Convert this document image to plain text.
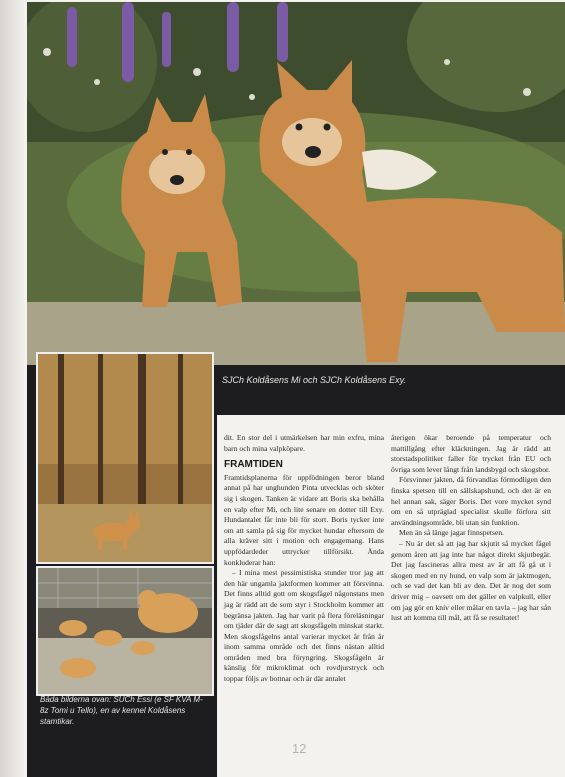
SJCh Koldåsens Mi och SJCh Koldåsens Exy.
Båda bilderna ovan: SUCh Essi (e SF KVA M-8z Tomi u Tello), en av kennel Koldåsens stamtikar.

dit. En stor del i utmärkelsen har min exfru, mina barn och mina valpköpare.

FRAMTIDEN

Framtidsplanerna för uppfödningen beror bland annat på har unghunden Pinta utvecklas och sköter sig i skogen. Tanken är vidare att Boris ska behålla en valp efter Mi, och lite senare en dotter till Exy. Hundantalet får inte bli för stort. Boris tycker inte om att samla på sig för mycket hundar eftersom de alla kräver sitt i motion och engagemang. Hans uppfödardeder uttrycker tillförsikt. Ända konkluderar han:

– I mina mest pessimistiska stunder tror jag att den här ungamla jaktformen kommer att försvinna. Det finns alltid gott om skogsfågel någonstans men jag är rädd att de som styr i Stockholm kommer att begränsa jakten. Jag har varit på flera föreläsningar om tjäder där de sagt att skogsfågeln minskat starkt. Men skogsfågelns antal varierar mycket år från år inom samma område och det finns nästan alltid områden med bra föryngring. Skogsfågeln är känslig för mikroklimat och rovdjurstryck och toppar följs av bottnar och är där antalet

återigen ökar beroende på temperatur och mattillgång efter kläckningen. Jag är rädd att storstadspolitiker faller för trycket från EU och övriga som lever långt från landsbygd och skogsbor.

Försvinner jakten, då förvandlas förmodligen den finska spetsen till en sällskapshund, och det är en hel annan sak, säger Boris. Det vore mycket synd om en så utpräglad specialist skulle förfora sitt användningsområde, bli utan sin funktion.

Men än så länge jagar finnspetsen.

– Nu är det så att jag har skjutit så mycket fågel genom åren att jag inte har något direkt skjutbegär. Det jag fascineras allra mest av är att få gå ut i skogen med en ny hund, en valp som är jaktmogen, och se vad det kan bli av den. Det är nog det som driver mig – oavsett om det gäller en valpkull, eller om jag gör en kniv eller målar en tavla – jag har sån lust att komma till mål, att få se resultatet!

12
